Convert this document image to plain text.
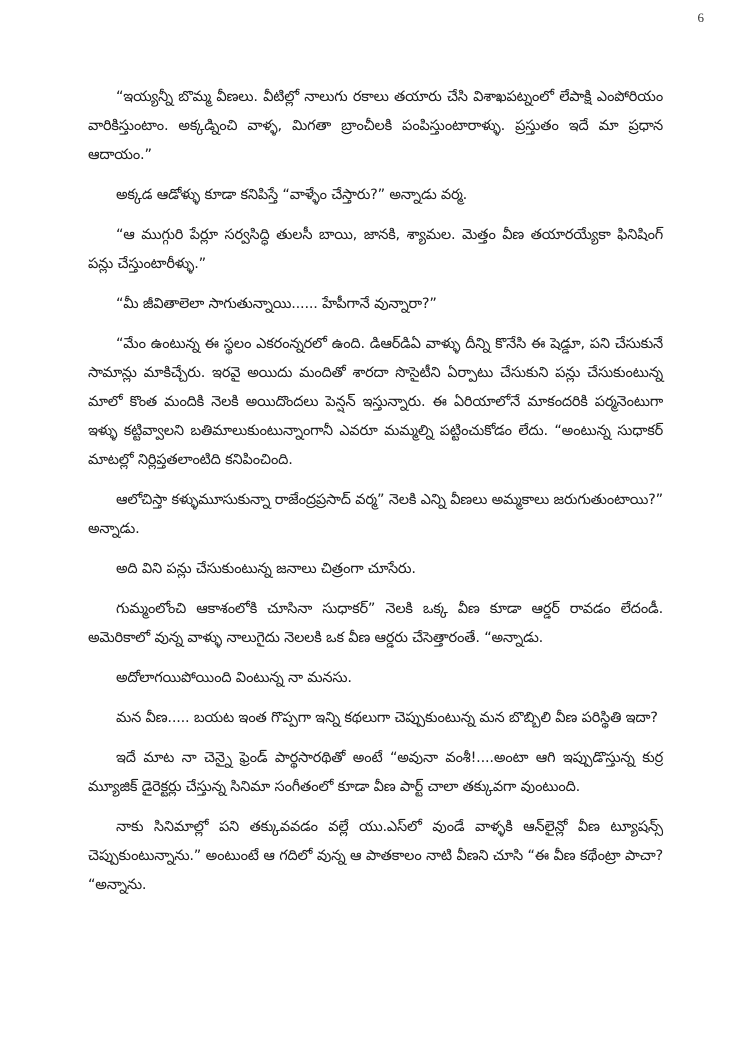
6

“ఇయ్యన్నీ బొమ్మ వీణలు. వీటిల్లో నాలుగు రకాలు తయారు చేసి విశాఖపట్నంలో లేపాక్షి ఎంపోరియం వారికిస్తుంటాం. అక్కడ్నించి వాళ్ళ, మిగతా బ్రాంచీలకి పంపిస్తుంటారాళ్ళు. ప్రస్తుతం ఇదే మా ప్రధాన ఆదాయం.”

అక్కడ ఆడోళ్ళు కూడా కనిపిస్తే “వాళ్ళేం చేస్తారు?” అన్నాడు వర్మ.

“ఆ ముగ్గురి పేర్లూ సర్వసిద్ధి తులసీ బాయి, జానకి, శ్యామల. మెత్తం వీణ తయారయ్యేకా ఫినిషింగ్ పన్లు చేస్తుంటారీళ్ళు.”

“మీ జీవితాలెలా సాగుతున్నాయి...... హేపీగానే వున్నారా?”

“మేం ఉంటున్న ఈ స్థలం ఎకరంన్నరలో ఉంది. డిఆర్‌డిఏ వాళ్ళు దీన్ని కొనేసి ఈ షెడ్డూ, పని చేసుకునే సామాన్లు మాకిచ్చేరు. ఇరవై అయిదు మందితో శారదా సొసైటీని ఏర్పాటు చేసుకుని పన్లు చేసుకుంటున్న మాలో కొంత మందికి నెలకి అయిదొందలు పెన్షన్ ఇస్తున్నారు. ఈ ఏరియాలోనే మాకందరికి పర్మనెంటుగా ఇళ్ళు కట్టివ్వాలని బతిమాలుకుంటున్నాంగానీ ఎవరూ మమ్మల్ని పట్టించుకోడం లేదు. “అంటున్న సుధాకర్ మాటల్లో నిర్లిప్తతలాంటిది కనిపించింది.

ఆలోచిస్తా కళ్ళుమూసుకున్నా రాజేంద్రప్రసాద్ వర్మ” నెలకి ఎన్ని వీణలు అమ్మకాలు జరుగుతుంటాయి?” అన్నాడు.

అది విని పన్లు చేసుకుంటున్న జనాలు చిత్రంగా చూసేరు.

గుమ్మంలోంచి ఆకాశంలోకి చూసినా సుధాకర్” నెలకి ఒక్క వీణ కూడా ఆర్డర్ రావడం లేదండీ. అమెరికాలో వున్న వాళ్ళు నాలుగైదు నెలలకి ఒక వీణ ఆర్డరు చేసెత్తారంతే. “అన్నాడు.

అదోలాగయిపోయింది వింటున్న నా మనసు.

మన వీణ..... బయట ఇంత గొప్పగా ఇన్ని కథలుగా చెప్పుకుంటున్న మన బొబ్బిలి వీణ పరిస్థితి ఇదా?

ఇదే మాట నా చెన్నై ఫ్రెండ్ పార్థసారథితో అంటే “అవునా వంశీ!....అంటా ఆగి ఇప్పుడొస్తున్న కుర్ర మ్యూజిక్ డైరెక్టర్లు చేస్తున్న సినిమా సంగీతంలో కూడా వీణ పార్ట్ చాలా తక్కువగా వుంటుంది.

నాకు సినిమాల్లో పని తక్కువవడం వల్లే యు.ఎస్‌లో వుండే వాళ్ళకి ఆన్‌లైన్లో వీణ ట్యూషన్స్ చెప్పుకుంటున్నాను.” అంటుంటే ఆ గదిలో వున్న ఆ పాతకాలం నాటి వీణని చూసి “ఈ వీణ కథేంట్రా పాచా? “అన్నాను.
